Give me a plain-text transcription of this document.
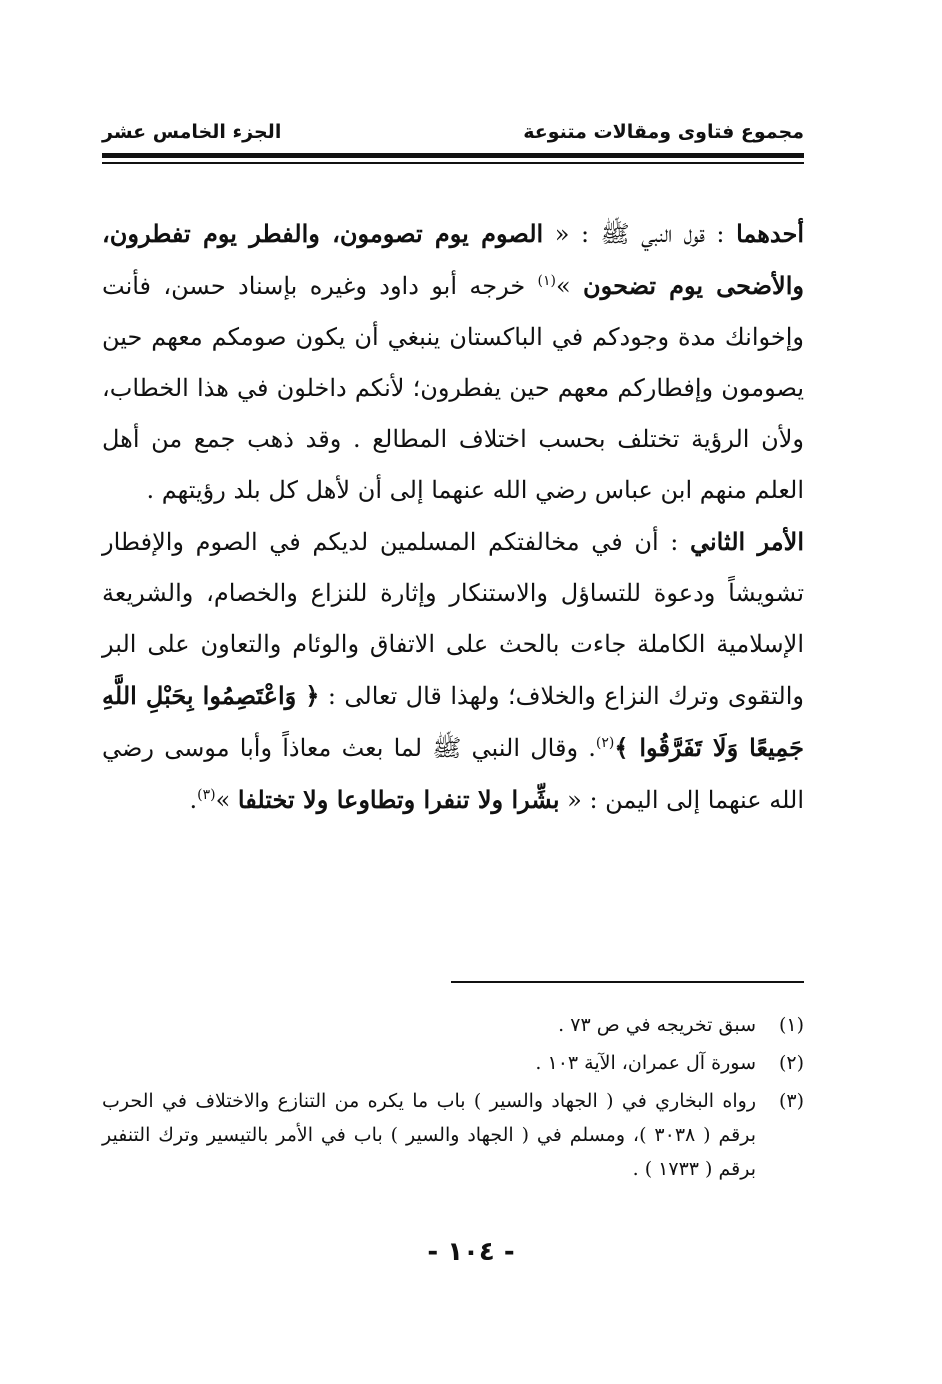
مجموع فتاوى ومقالات متنوعة
الجزء الخامس عشر

أحدهما : قول النبي ﷺ : « الصوم يوم تصومون، والفطر يوم تفطرون، والأضحى يوم تضحون »$^{(١)}$ خرجه أبو داود وغيره بإسناد حسن، فأنت وإخوانك مدة وجودكم في الباكستان ينبغي أن يكون صومكم معهم حين يصومون وإفطاركم معهم حين يفطرون؛ لأنكم داخلون في هذا الخطاب، ولأن الرؤية تختلف بحسب اختلاف المطالع . وقد ذهب جمع من أهل العلم منهم ابن عباس رضي الله عنهما إلى أن لأهل كل بلد رؤيتهم .

الأمر الثاني : أن في مخالفتكم المسلمين لديكم في الصوم والإفطار تشويشاً ودعوة للتساؤل والاستنكار وإثارة للنزاع والخصام، والشريعة الإسلامية الكاملة جاءت بالحث على الاتفاق والوئام والتعاون على البر والتقوى وترك النزاع والخلاف؛ ولهذا قال تعالى : ﴿ وَاعْتَصِمُوا بِحَبْلِ اللَّهِ جَمِيعًا وَلَا تَفَرَّقُوا ﴾$^{(٢)}$. وقال النبي ﷺ لما بعث معاذاً وأبا موسى رضي الله عنهما إلى اليمن : « بشِّرا ولا تنفرا وتطاوعا ولا تختلفا »$^{(٣)}$.

(١)
سبق تخريجه في ص ٧٣ .
(٢)
سورة آل عمران، الآية ١٠٣ .
(٣)
رواه البخاري في ( الجهاد والسير ) باب ما يكره من التنازع والاختلاف في الحرب برقم ( ٣٠٣٨ )، ومسلم في ( الجهاد والسير ) باب في الأمر بالتيسير وترك التنفير برقم ( ١٧٣٣ ) .
- ١٠٤ -
